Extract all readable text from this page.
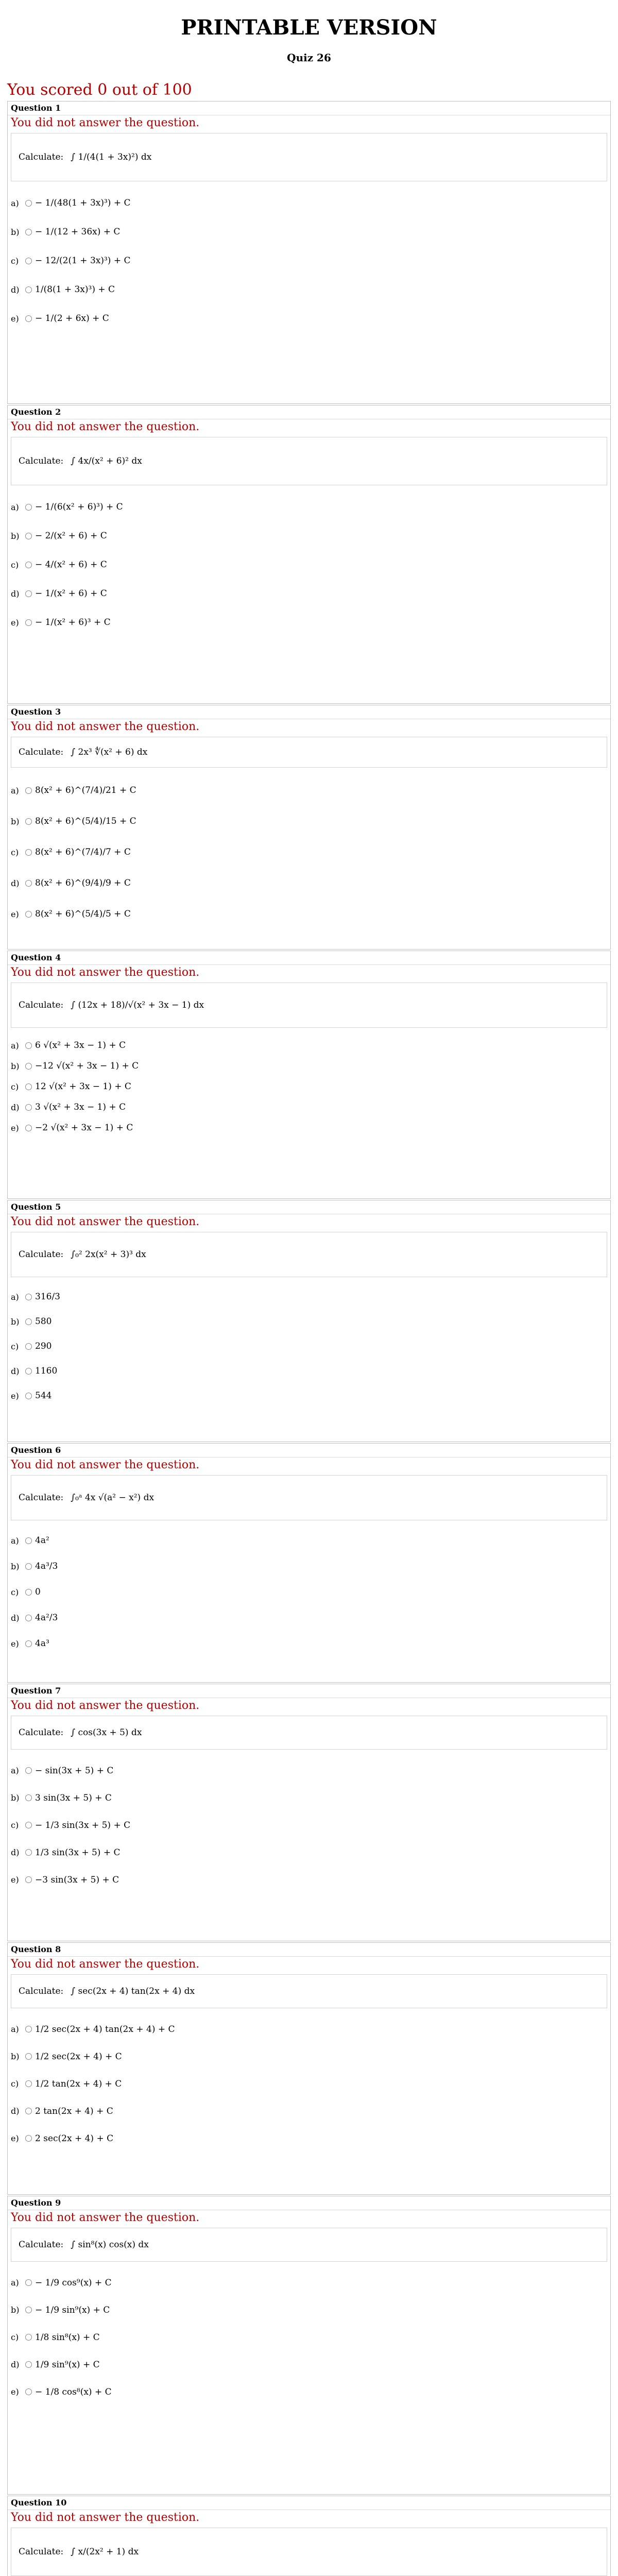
PRINTABLE VERSION
Quiz 26
You scored 0 out of 100
Question 1
You did not answer the question.
Calculate: ∫ 1/(4(1 + 3x)²) dx
a)	− 1/(48(1 + 3x)³) + C
b)	− 1/(12 + 36x) + C
c)	− 12/(2(1 + 3x)³) + C
d)	1/(8(1 + 3x)³) + C
e)	− 1/(2 + 6x) + C
Question 2
You did not answer the question.
Calculate: ∫ 4x/(x² + 6)² dx
a)	− 1/(6(x² + 6)³) + C
b)	− 2/(x² + 6) + C
c)	− 4/(x² + 6) + C
d)	− 1/(x² + 6) + C
e)	− 1/(x² + 6)³ + C
Question 3
You did not answer the question.
Calculate: ∫ 2x³ ∜(x² + 6) dx
a)	8(x² + 6)^(7/4)/21 + C
b)	8(x² + 6)^(5/4)/15 + C
c)	8(x² + 6)^(7/4)/7 + C
d)	8(x² + 6)^(9/4)/9 + C
e)	8(x² + 6)^(5/4)/5 + C
Question 4
You did not answer the question.
Calculate: ∫ (12x + 18)/√(x² + 3x − 1) dx
a)	6 √(x² + 3x − 1) + C
b)	−12 √(x² + 3x − 1) + C
c)	12 √(x² + 3x − 1) + C
d)	3 √(x² + 3x − 1) + C
e)	−2 √(x² + 3x − 1) + C
Question 5
You did not answer the question.
Calculate: ∫₀² 2x(x² + 3)³ dx
a)	316/3
b)	580
c)	290
d)	1160
e)	544
Question 6
You did not answer the question.
Calculate: ∫₀ᵃ 4x √(a² − x²) dx
a)	4a²
b)	4a³/3
c)	0
d)	4a²/3
e)	4a³
Question 7
You did not answer the question.
Calculate: ∫ cos(3x + 5) dx
a)	− sin(3x + 5) + C
b)	3 sin(3x + 5) + C
c)	− 1/3 sin(3x + 5) + C
d)	1/3 sin(3x + 5) + C
e)	−3 sin(3x + 5) + C
Question 8
You did not answer the question.
Calculate: ∫ sec(2x + 4) tan(2x + 4) dx
a)	1/2 sec(2x + 4) tan(2x + 4) + C
b)	1/2 sec(2x + 4) + C
c)	1/2 tan(2x + 4) + C
d)	2 tan(2x + 4) + C
e)	2 sec(2x + 4) + C
Question 9
You did not answer the question.
Calculate: ∫ sin⁸(x) cos(x) dx
a)	− 1/9 cos⁹(x) + C
b)	− 1/9 sin⁹(x) + C
c)	1/8 sin⁸(x) + C
d)	1/9 sin⁹(x) + C
e)	− 1/8 cos⁸(x) + C
Question 10
You did not answer the question.
Calculate: ∫ x/(2x² + 1) dx
